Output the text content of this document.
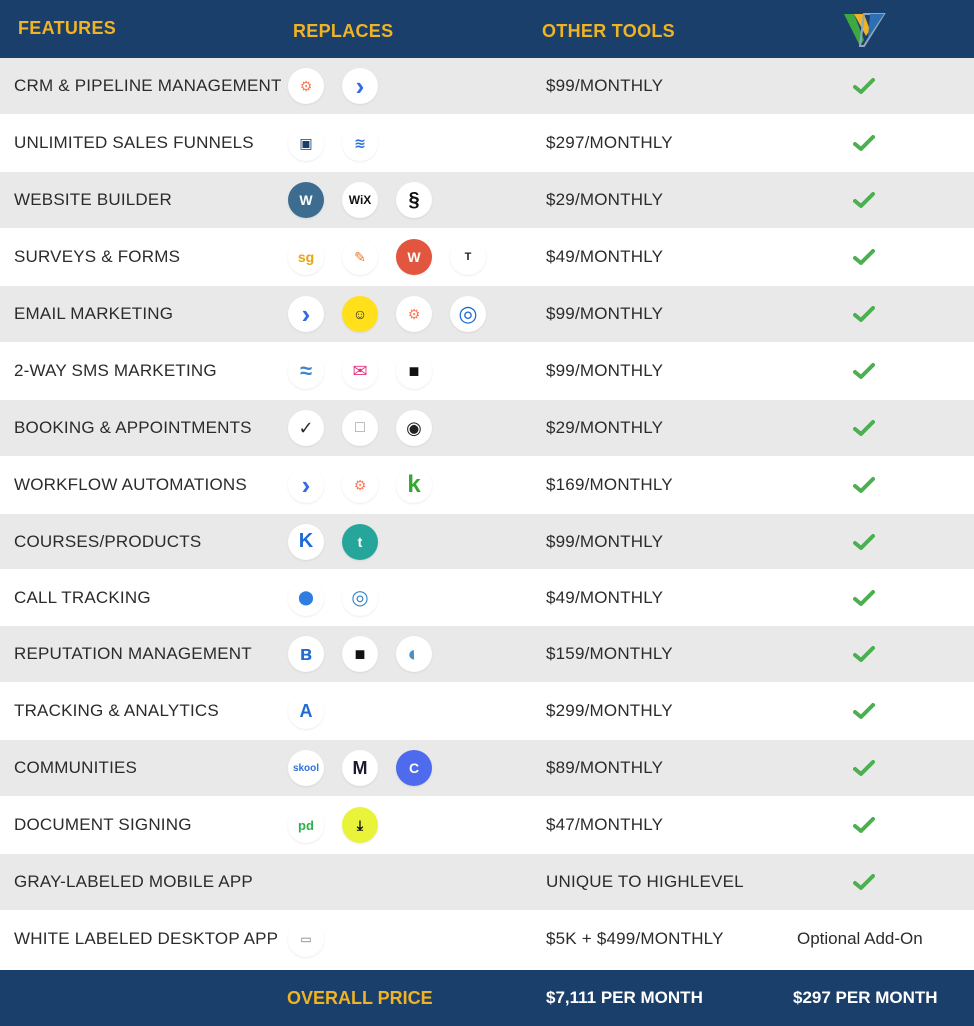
FEATURES	REPLACES	OTHER TOOLS
CRM & PIPELINE MANAGEMENT	⚙	›	$99/MONTHLY
UNLIMITED SALES FUNNELS	▣	≋	$297/MONTHLY
WEBSITE BUILDER	W	WiX	§	$29/MONTHLY
SURVEYS & FORMS	sg	✎	W	T	$49/MONTHLY
EMAIL MARKETING	›	☺	⚙	◎	$99/MONTHLY
2-WAY SMS MARKETING	≈	✉	■	$99/MONTHLY
BOOKING & APPOINTMENTS	✓	□	◉	$29/MONTHLY
WORKFLOW AUTOMATIONS	›	⚙	k	$169/MONTHLY
COURSES/PRODUCTS	K	t	$99/MONTHLY
CALL TRACKING	⬤	◎	$49/MONTHLY
REPUTATION MANAGEMENT	ʙ	■	◐	$159/MONTHLY
TRACKING & ANALYTICS	A	$299/MONTHLY
COMMUNITIES	skool	M	C	$89/MONTHLY
DOCUMENT SIGNING	pd	⤓	$47/MONTHLY
GRAY-LABELED MOBILE APP	UNIQUE TO HIGHLEVEL
WHITE LABELED DESKTOP APP	▭	$5K + $499/MONTHLY	Optional Add-On
OVERALL PRICE	$7,111 PER MONTH	$297 PER MONTH
